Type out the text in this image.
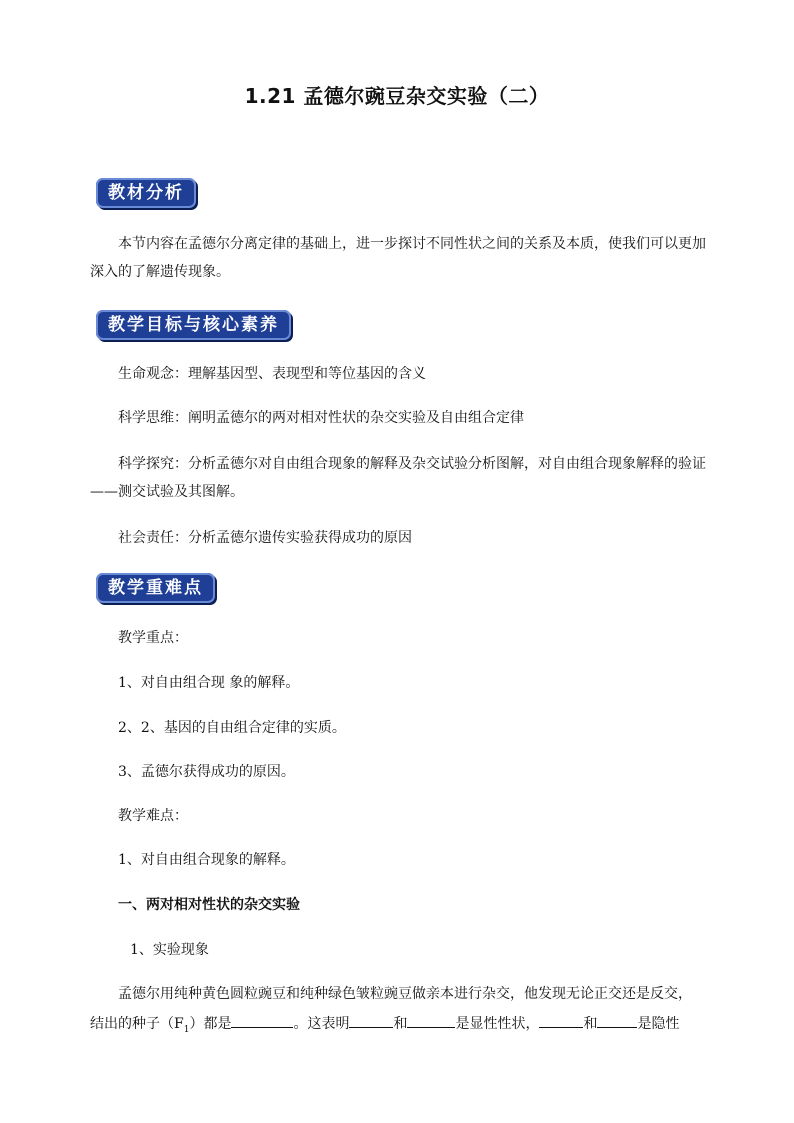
1.21 孟德尔豌豆杂交实验（二）
教材分析
本节内容在孟德尔分离定律的基础上，进一步探讨不同性状之间的关系及本质，使我们可以更加深入的了解遗传现象。
教学目标与核心素养
生命观念：理解基因型、表现型和等位基因的含义
科学思维：阐明孟德尔的两对相对性状的杂交实验及自由组合定律
科学探究：分析孟德尔对自由组合现象的解释及杂交试验分析图解，对自由组合现象解释的验证——测交试验及其图解。
社会责任：分析孟德尔遗传实验获得成功的原因
教学重难点
教学重点：
1、对自由组合现 象的解释。
2、2、基因的自由组合定律的实质。
3、孟德尔获得成功的原因。
教学难点：
1、对自由组合现象的解释。
一、两对相对性状的杂交实验
1、实验现象
孟德尔用纯种黄色圆粒豌豆和纯种绿色皱粒豌豆做亲本进行杂交，他发现无论正交还是反交，
结出的种子$(F_1)$都是	。这表明	和	是显性性状，	和	是隐性
